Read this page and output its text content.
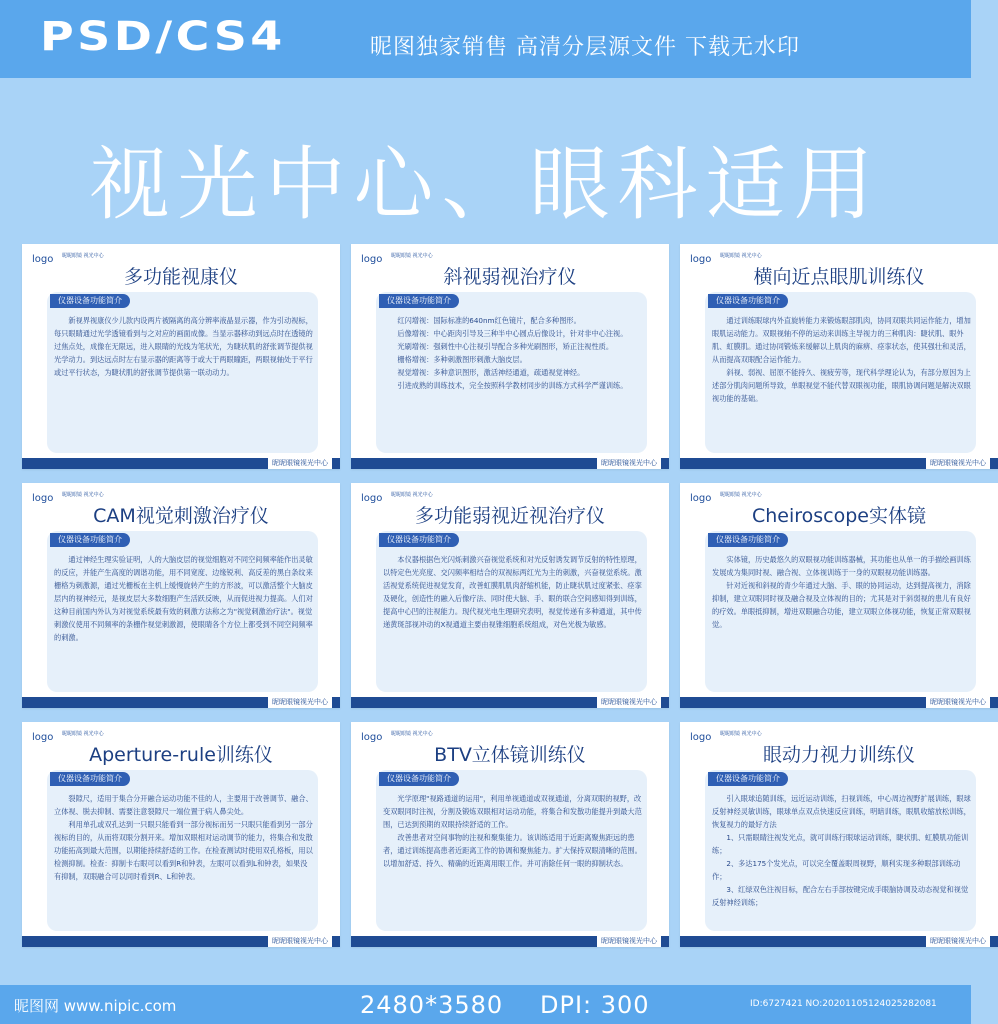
PSD/CS4	昵图独家销售 高清分层源文件 下载无水印
视光中心、眼科适用
logo 昵昵眼镜 视光中心
多功能视康仪
仪器设备功能简介

新视界视康仪少儿款内设两片被隔离的高分辨率液晶显示器，作为引动视标，每只眼睛通过光学透镜看到与之对应的画面成像。当显示器移动到远点时在透镜的过焦点处，成像在无限远，进入眼睛的光线为笔状光，为睫状肌的舒张调节提供视光学动力。到达远点时左右显示器的距离等于或大于两眼瞳距，两眼视轴处于平行或过平行状态，为睫状肌的舒张调节提供第一联动动力。

昵昵眼镜视光中心
logo 昵昵眼镜 视光中心
斜视弱视治疗仪
仪器设备功能简介

红闪增视：国际标准的640nm红色镜片，配合多种图形。

后像增视：中心距肉引导及三种半中心圆点后像设计，针对非中心注视。

光刷增视：强刺性中心注视引导配合多种光刷图形，矫正注视性质。

栅格增视：多种刺激图形刺激大脑皮层。

视觉增视：多种意识图形，激活神经通道，疏通视觉神经。

引进成熟的训练技术，完全按照科学教材同步的训练方式科学严谨训练。

昵昵眼镜视光中心
logo 昵昵眼镜 视光中心
横向近点眼肌训练仪
仪器设备功能简介

通过训练眼球内外直旋转能力来锻炼眼部肌肉，协同双眼共同运作能力，增加眼肌运动能力。双眼视轴不停的运动来训练主导视力的三种肌肉：睫状肌、眼外肌、虹膜肌。通过协同锻炼来缓解以上肌肉的麻痹、痉挛状态，使其强壮和灵活，从而提高双眼配合运作能力。

斜视、弱视、屈原不能持久、视疲劳等，现代科学理论认为，有部分原因为上述部分肌肉问题所导致，单眼视觉不能代替双眼视功能，眼肌协调问题是解决双眼视功能的基础。

昵昵眼镜视光中心
logo 昵昵眼镜 视光中心
CAM视觉刺激治疗仪
仪器设备功能简介

通过神经生理实验证明，人的大脑皮层的视觉细胞对不同空间频率能作出灵敏的反应，并能产生高度的调谐功能，用不同宽度、边缘锐利、高反差的黑白条纹来栅格为刺激源，通过光栅板在主机上缓慢旋转产生的方形波，可以激活整个大脑皮层内的视神经元，是视皮层大多数细胞产生活跃反映，从而促进视力提高。人们对这种目前国内外认为对视觉系统最有效的刺激方法称之为"视觉刺激治疗法"。视觉刺激仪使用不同频率的条栅作视觉刺激源，使眼睛各个方位上都受到不同空间频率的刺激。

昵昵眼镜视光中心
logo 昵昵眼镜 视光中心
多功能弱视近视治疗仪
仪器设备功能简介

本仪器根据色光闪烁刺激兴奋视觉系统和对光反射诱发调节反射的特性原理，以特定色光亮度、交闪频率相结合的双视标两红光为主的刺激，兴奋视觉系统。激活视觉系统促进视觉发育，改善虹膜肌肌肉舒缩机能，防止睫状肌过度紧张、痉挛及硬化，创造性的融入后像疗法、同时使大脑、手、眼的联合空间感知得到训练，提高中心凹的注视能力。现代视光电生理研究表明，视觉传递有多种通道，其中传递黄斑部视冲动的X视通道主要由视锥细胞系统组成，对色光极为敏感。

昵昵眼镜视光中心
logo 昵昵眼镜 视光中心
Cheiroscope实体镜
仪器设备功能简介

实体镜，历史最悠久的双眼视功能训练器械，其功能也从单一的手描绘画训练发展成为集同时视、融合视、立体视训练于一身的双眼视功能训练器。

针对近视和斜视的青少年通过大脑、手、眼的协同运动，达到提高视力，消除抑制，建立双眼同时视及融合视及立体视的目的；尤其是对于斜弱视的患儿有良好的疗效。单眼抵抑制，增进双眼融合功能，建立双眼立体视功能，恢复正常双眼视觉。

昵昵眼镜视光中心
logo 昵昵眼镜 视光中心
Aperture-rule训练仪
仪器设备功能简介

裂隙尺，适用于集合分开融合运动功能不佳的人，主要用于改善调节、融合、立体视、脱去抑制、需要注意裂隙尺一端位置于病人鼻尖处。

利用单孔或双孔达到一只眼只能看到一部分视标而另一只眼只能看到另一部分视标的目的，从而将双眼分割开来。增加双眼相对运动调节的能力，将集合和发散功能拓高到最大范围，以期能持续舒适的工作。在检查测试时使用双孔格板，用以检测抑制。检查：抑制卡右眼可以看到R和钟表，左眼可以看到L和钟表，如果没有抑制，双眼融合可以同时看到R、L和钟表。

昵昵眼镜视光中心
logo 昵昵眼镜 视光中心
BTV立体镜训练仪
仪器设备功能简介

光学原理"视路通道的运用"，利用单视通道或双视通道，分离双眼的视野，改变双眼同时注视，分割及锻炼双眼相对运动功能，将集合和发散功能提升到最大范围，已达到预期的双眼持续舒适的工作。

改善患者对空间事物的注视和聚集能力。该训练适用于近距离聚焦距远的患者，通过训练提高患者近距离工作的协调和聚焦能力。扩大保持双眼清晰的范围。以增加舒适、持久、精确的近距离用眼工作。并可消除任何一眼的抑制状态。

昵昵眼镜视光中心
logo 昵昵眼镜 视光中心
眼动力视力训练仪
仪器设备功能简介

引入眼球追随训练，远近运动训练，扫视训练，中心周边视野扩展训练，眼球反射神经灵敏训练，眼球单点双点快速反应训练，明暗训练，眼肌收缩放松训练，恢复视力的最好方法

1、只需眼睛注视发光点，就可训练行眼球运动训练，睫状肌、虹膜肌功能训练；

2、多达175个发光点，可以完全覆盖眼周视野，顺利实现多种眼部训练动作；

3、红绿双色注视目标，配合左右手部按键完成手眼脑协调及动态视觉和视觉反射神经训练；

昵昵眼镜视光中心
昵图网 www.nipic.com	2480*3580 DPI: 300	ID:6727421 NO:20201105124025282081
